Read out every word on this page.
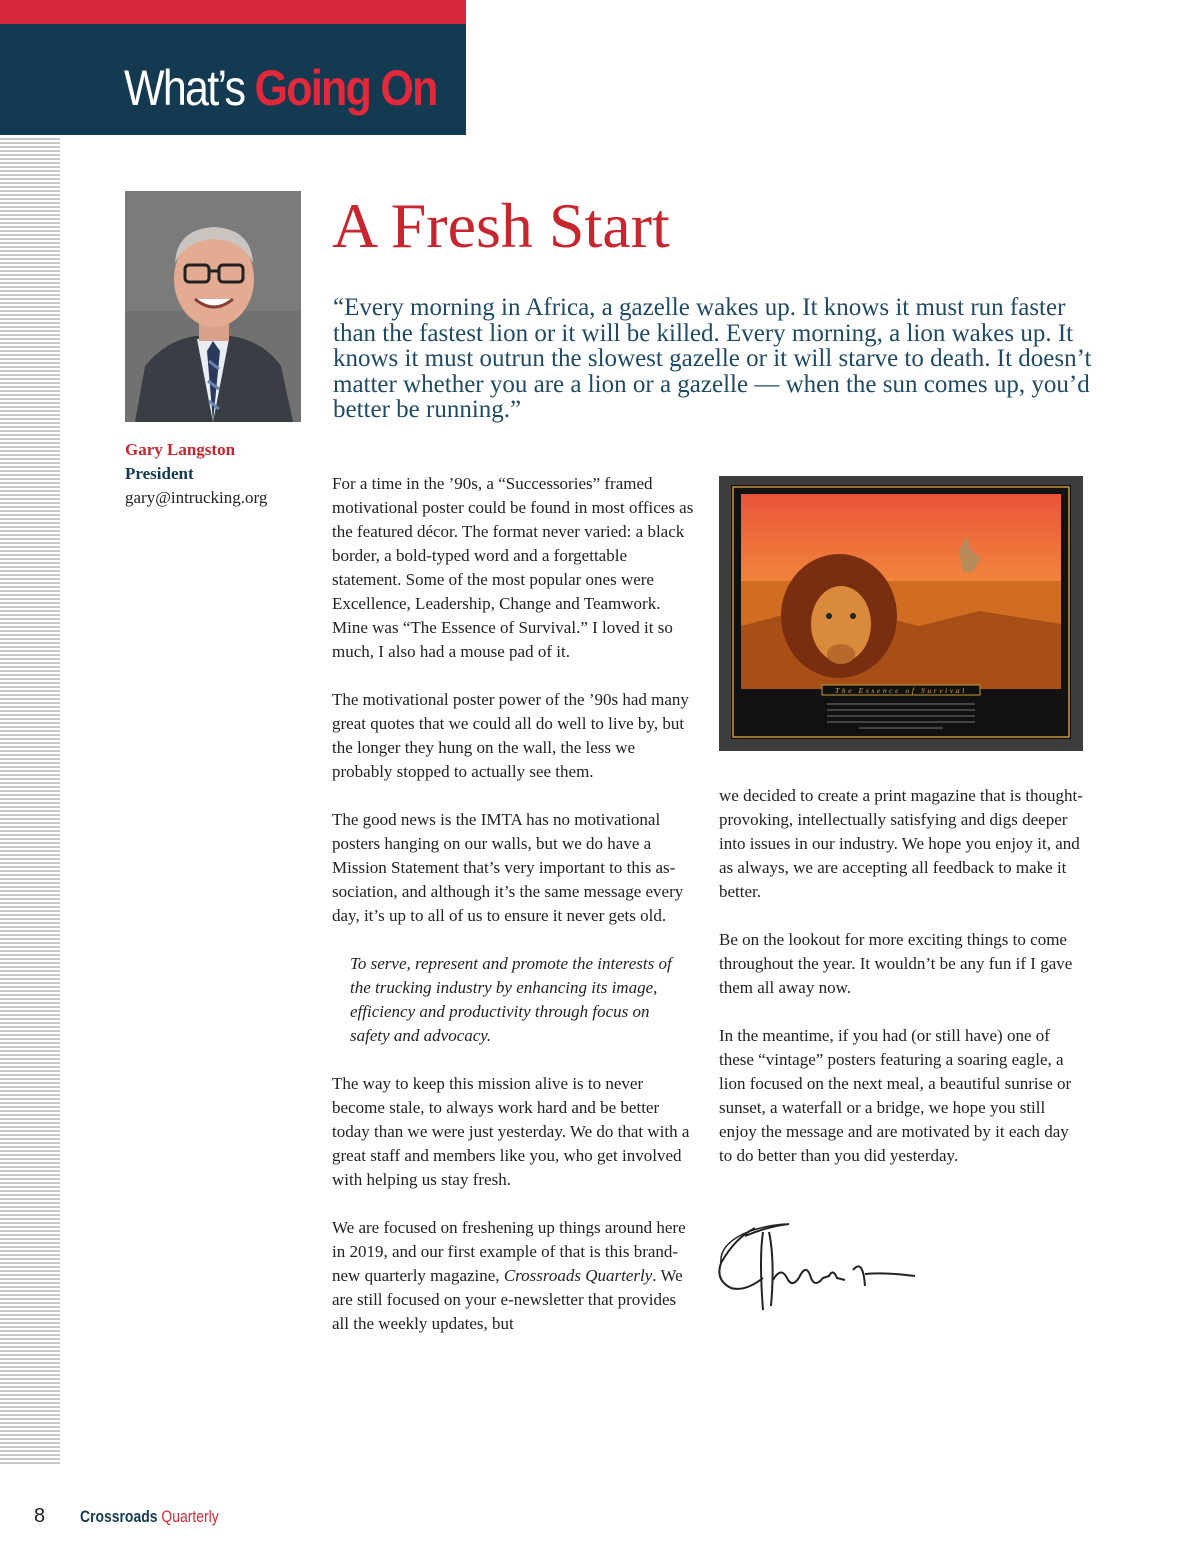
What’s Going On
Gary Langston
President
gary@intrucking.org
A Fresh Start

“Every morning in Africa, a gazelle wakes up. It knows it must run faster than the fastest lion or it will be killed. Every morning, a lion wakes up. It knows it must outrun the slowest gazelle or it will starve to death. It doesn’t matter whether you are a lion or a gazelle — when the sun comes up, you’d better be running.”

For a time in the ’90s, a “Successories” framed motivational poster could be found in most offices as the featured décor. The format never varied: a black border, a bold-typed word and a forgettable statement. Some of the most popular ones were Excellence, Leadership, Change and Teamwork. Mine was “The Essence of Survival.” I loved it so much, I also had a mouse pad of it.

The motivational poster power of the ’90s had many great quotes that we could all do well to live by, but the longer they hung on the wall, the less we probably stopped to actually see them.

The good news is the IMTA has no motivational posters hanging on our walls, but we do have a Mission Statement that’s very important to this association, and although it’s the same message every day, it’s up to all of us to ensure it never gets old.

To serve, represent and promote the interests of the trucking industry by enhancing its image, efficiency and productivity through focus on safety and advocacy.

The way to keep this mission alive is to never become stale, to always work hard and be better today than we were just yesterday. We do that with a great staff and members like you, who get involved with helping us stay fresh.

We are focused on freshening up things around here in 2019, and our first example of that is this brand-new quarterly magazine, Crossroads Quarterly. We are still focused on your e-newsletter that provides all the weekly updates, but

The Essence of Survival

we decided to create a print magazine that is thought-provoking, intellectually satisfying and digs deeper into issues in our industry. We hope you enjoy it, and as always, we are accepting all feedback to make it better.

Be on the lookout for more exciting things to come throughout the year. It wouldn’t be any fun if I gave them all away now.

In the meantime, if you had (or still have) one of these “vintage” posters featuring a soaring eagle, a lion focused on the next meal, a beautiful sunrise or sunset, a waterfall or a bridge, we hope you still enjoy the message and are motivated by it each day to do better than you did yesterday.

8 Crossroads Quarterly
